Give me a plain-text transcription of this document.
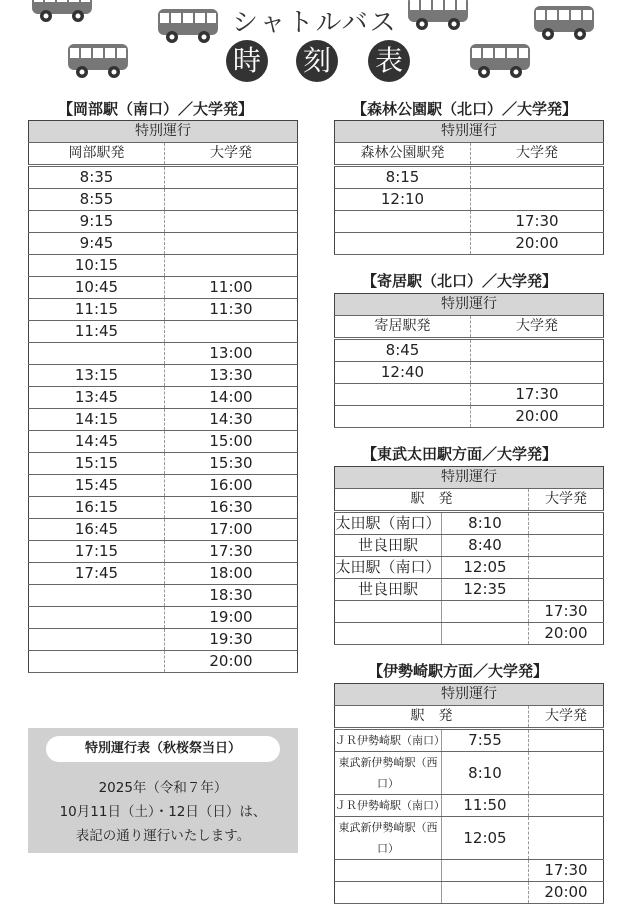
シャトルバス
時 刻 表
【岡部駅（南口）／大学発】
特別運行	
岡部駅発	大学発
8:35	
8:55	
9:15	
9:45	
10:15	
10:45	11:00
11:15	11:30
11:45	
	13:00
13:15	13:30
13:45	14:00
14:15	14:30
14:45	15:00
15:15	15:30
15:45	16:00
16:15	16:30
16:45	17:00
17:15	17:30
17:45	18:00
	18:30
	19:00
	19:30
	20:00
【森林公園駅（北口）／大学発】
特別運行	
森林公園駅発	大学発
8:15	
12:10	
	17:30
	20:00
【寄居駅（北口）／大学発】
特別運行	
寄居駅発	大学発
8:45	
12:40	
	17:30
	20:00
【東武太田駅方面／大学発】
特別運行		
駅　発		大学発
太田駅（南口）	8:10	
世良田駅	8:40	
太田駅（南口）	12:05	
世良田駅	12:35	
		17:30
		20:00
【伊勢崎駅方面／大学発】
特別運行		
駅　発		大学発
ＪＲ伊勢崎駅（南口）	7:55	
東武新伊勢崎駅（西口）	8:10	
ＪＲ伊勢崎駅（南口）	11:50	
東武新伊勢崎駅（西口）	12:05	
		17:30
		20:00
特別運行表（秋桜祭当日）
2025年（令和７年）
10月11日（土）・12日（日）は、
表記の通り運行いたします。
